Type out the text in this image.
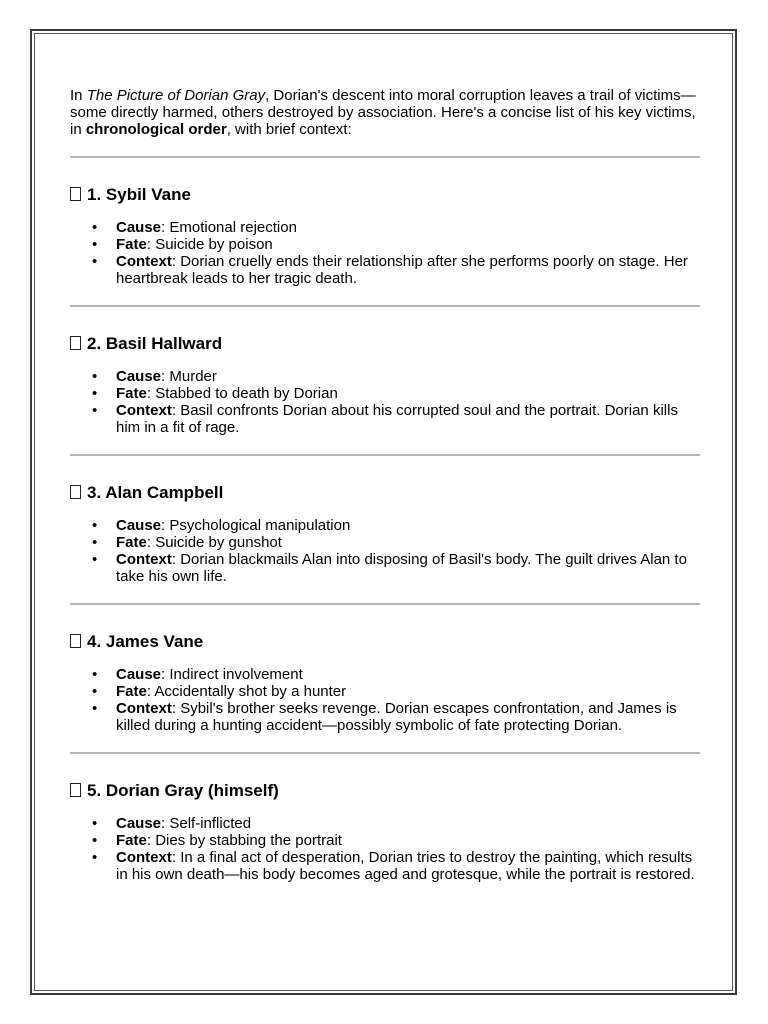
In The Picture of Dorian Gray, Dorian's descent into moral corruption leaves a trail of victims—some directly harmed, others destroyed by association. Here's a concise list of his key victims, in chronological order, with brief context:

1. Sybil Vane
• Cause: Emotional rejection
• Fate: Suicide by poison
• Context: Dorian cruelly ends their relationship after she performs poorly on stage. Her heartbreak leads to her tragic death.
2. Basil Hallward
• Cause: Murder
• Fate: Stabbed to death by Dorian
• Context: Basil confronts Dorian about his corrupted soul and the portrait. Dorian kills him in a fit of rage.
3. Alan Campbell
• Cause: Psychological manipulation
• Fate: Suicide by gunshot
• Context: Dorian blackmails Alan into disposing of Basil's body. The guilt drives Alan to take his own life.
4. James Vane
• Cause: Indirect involvement
• Fate: Accidentally shot by a hunter
• Context: Sybil's brother seeks revenge. Dorian escapes confrontation, and James is killed during a hunting accident—possibly symbolic of fate protecting Dorian.
5. Dorian Gray (himself)
• Cause: Self-inflicted
• Fate: Dies by stabbing the portrait
• Context: In a final act of desperation, Dorian tries to destroy the painting, which results in his own death—his body becomes aged and grotesque, while the portrait is restored.
